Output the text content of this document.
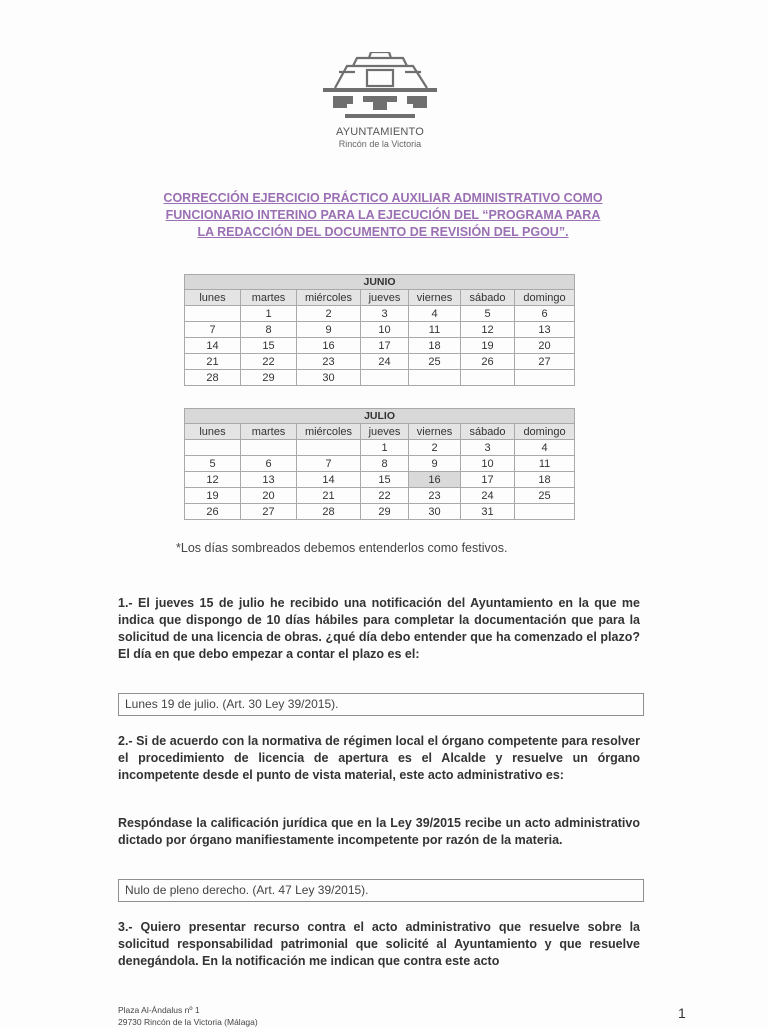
AYUNTAMIENTO
Rincón de la Victoria
CORRECCIÓN EJERCICIO PRÁCTICO AUXILIAR ADMINISTRATIVO COMO
FUNCIONARIO INTERINO PARA LA EJECUCIÓN DEL “PROGRAMA PARA
LA REDACCIÓN DEL DOCUMENTO DE REVISIÓN DEL PGOU”.
JUNIO						
lunes	martes	miércoles	jueves	viernes	sábado	domingo
	1	2	3	4	5	6
7	8	9	10	11	12	13
14	15	16	17	18	19	20
21	22	23	24	25	26	27
28	29	30				
JULIO						
lunes	martes	miércoles	jueves	viernes	sábado	domingo
			1	2	3	4
5	6	7	8	9	10	11
12	13	14	15	16	17	18
19	20	21	22	23	24	25
26	27	28	29	30	31	
*Los días sombreados debemos entenderlos como festivos.
1.- El jueves 15 de julio he recibido una notificación del Ayuntamiento en la que me indica que dispongo de 10 días hábiles para completar la documentación que para la solicitud de una licencia de obras. ¿qué día debo entender que ha comenzado el plazo? El día en que debo empezar a contar el plazo es el:
Lunes 19 de julio. (Art. 30 Ley 39/2015).
2.- Si de acuerdo con la normativa de régimen local el órgano competente para resolver el procedimiento de licencia de apertura es el Alcalde y resuelve un órgano incompetente desde el punto de vista material, este acto administrativo es:
Respóndase la calificación jurídica que en la Ley 39/2015 recibe un acto administrativo dictado por órgano manifiestamente incompetente por razón de la materia.
Nulo de pleno derecho. (Art. 47 Ley 39/2015).
3.- Quiero presentar recurso contra el acto administrativo que resuelve sobre la solicitud responsabilidad patrimonial que solicité al Ayuntamiento y que resuelve denegándola. En la notificación me indican que contra este acto
Plaza Al-Ándalus nº 1
29730 Rincón de la Victoria (Málaga)
1
